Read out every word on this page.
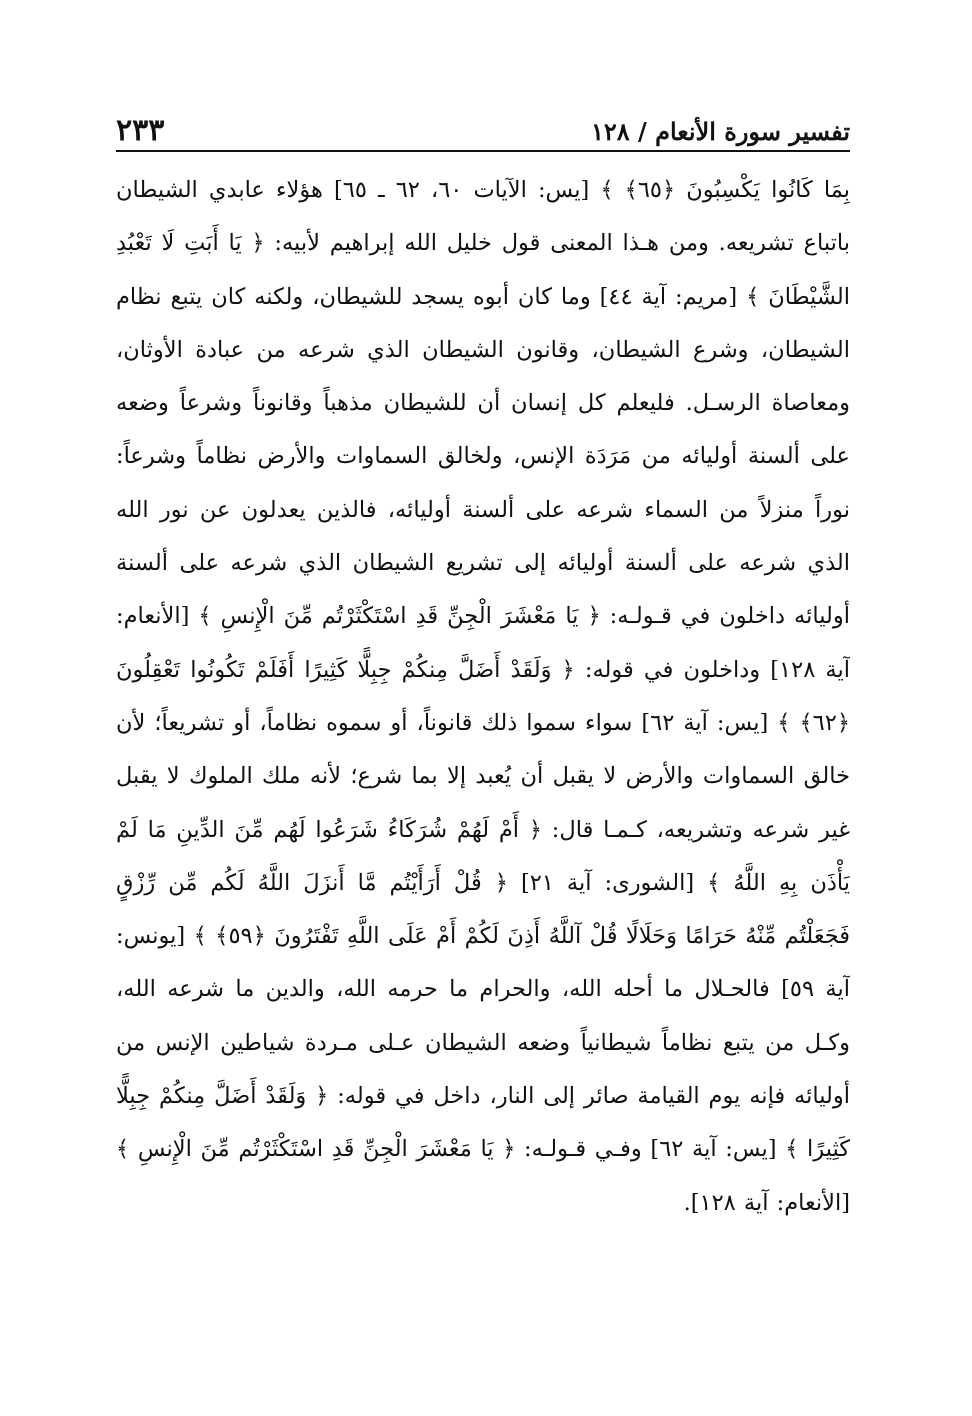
تفسير سورة الأنعام / ١٢٨
٢٣٣
بِمَا كَانُوا يَكْسِبُونَ ﴿٦٥﴾ ﴾ [يس: الآيات ٦٠، ٦٢ ـ ٦٥] هؤلاء عابدي الشيطان باتباع تشريعه. ومن هـذا المعنى قول خليل الله إبراهيم لأبيه: ﴿ يَا أَبَتِ لَا تَعْبُدِ الشَّيْطَانَ ﴾ [مريم: آية ٤٤] وما كان أبوه يسجد للشيطان، ولكنه كان يتبع نظام الشيطان، وشرع الشيطان، وقانون الشيطان الذي شرعه من عبادة الأوثان، ومعاصاة الرسـل. فليعلم كل إنسان أن للشيطان مذهباً وقانوناً وشرعاً وضعه على ألسنة أوليائه من مَرَدَة الإنس، ولخالق السماوات والأرض نظاماً وشرعاً: نوراً منزلاً من السماء شرعه على ألسنة أوليائه، فالذين يعدلون عن نور الله الذي شرعه على ألسنة أوليائه إلى تشريع الشيطان الذي شرعه على ألسنة أوليائه داخلون في قـولـه: ﴿ يَا مَعْشَرَ الْجِنِّ قَدِ اسْتَكْثَرْتُم مِّنَ الْإِنسِ ﴾ [الأنعام: آية ١٢٨] وداخلون في قوله: ﴿ وَلَقَدْ أَضَلَّ مِنكُمْ جِبِلًّا كَثِيرًا أَفَلَمْ تَكُونُوا تَعْقِلُونَ ﴿٦٢﴾ ﴾ [يس: آية ٦٢] سواء سموا ذلك قانوناً، أو سموه نظاماً، أو تشريعاً؛ لأن خالق السماوات والأرض لا يقبل أن يُعبد إلا بما شرع؛ لأنه ملك الملوك لا يقبل غير شرعه وتشريعه، كـمـا قال: ﴿ أَمْ لَهُمْ شُرَكَاءُ شَرَعُوا لَهُم مِّنَ الدِّينِ مَا لَمْ يَأْذَن بِهِ اللَّهُ ﴾ [الشورى: آية ٢١] ﴿ قُلْ أَرَأَيْتُم مَّا أَنزَلَ اللَّهُ لَكُم مِّن رِّزْقٍ فَجَعَلْتُم مِّنْهُ حَرَامًا وَحَلَالًا قُلْ آللَّهُ أَذِنَ لَكُمْ أَمْ عَلَى اللَّهِ تَفْتَرُونَ ﴿٥٩﴾ ﴾ [يونس: آية ٥٩] فالحـلال ما أحله الله، والحرام ما حرمه الله، والدين ما شرعه الله، وكـل من يتبع نظاماً شيطانياً وضعه الشيطان عـلى مـردة شياطين الإنس من أوليائه فإنه يوم القيامة صائر إلى النار، داخل في قوله: ﴿ وَلَقَدْ أَضَلَّ مِنكُمْ جِبِلًّا كَثِيرًا ﴾ [يس: آية ٦٢] وفـي قـولـه: ﴿ يَا مَعْشَرَ الْجِنِّ قَدِ اسْتَكْثَرْتُم مِّنَ الْإِنسِ ﴾ [الأنعام: آية ١٢٨].
